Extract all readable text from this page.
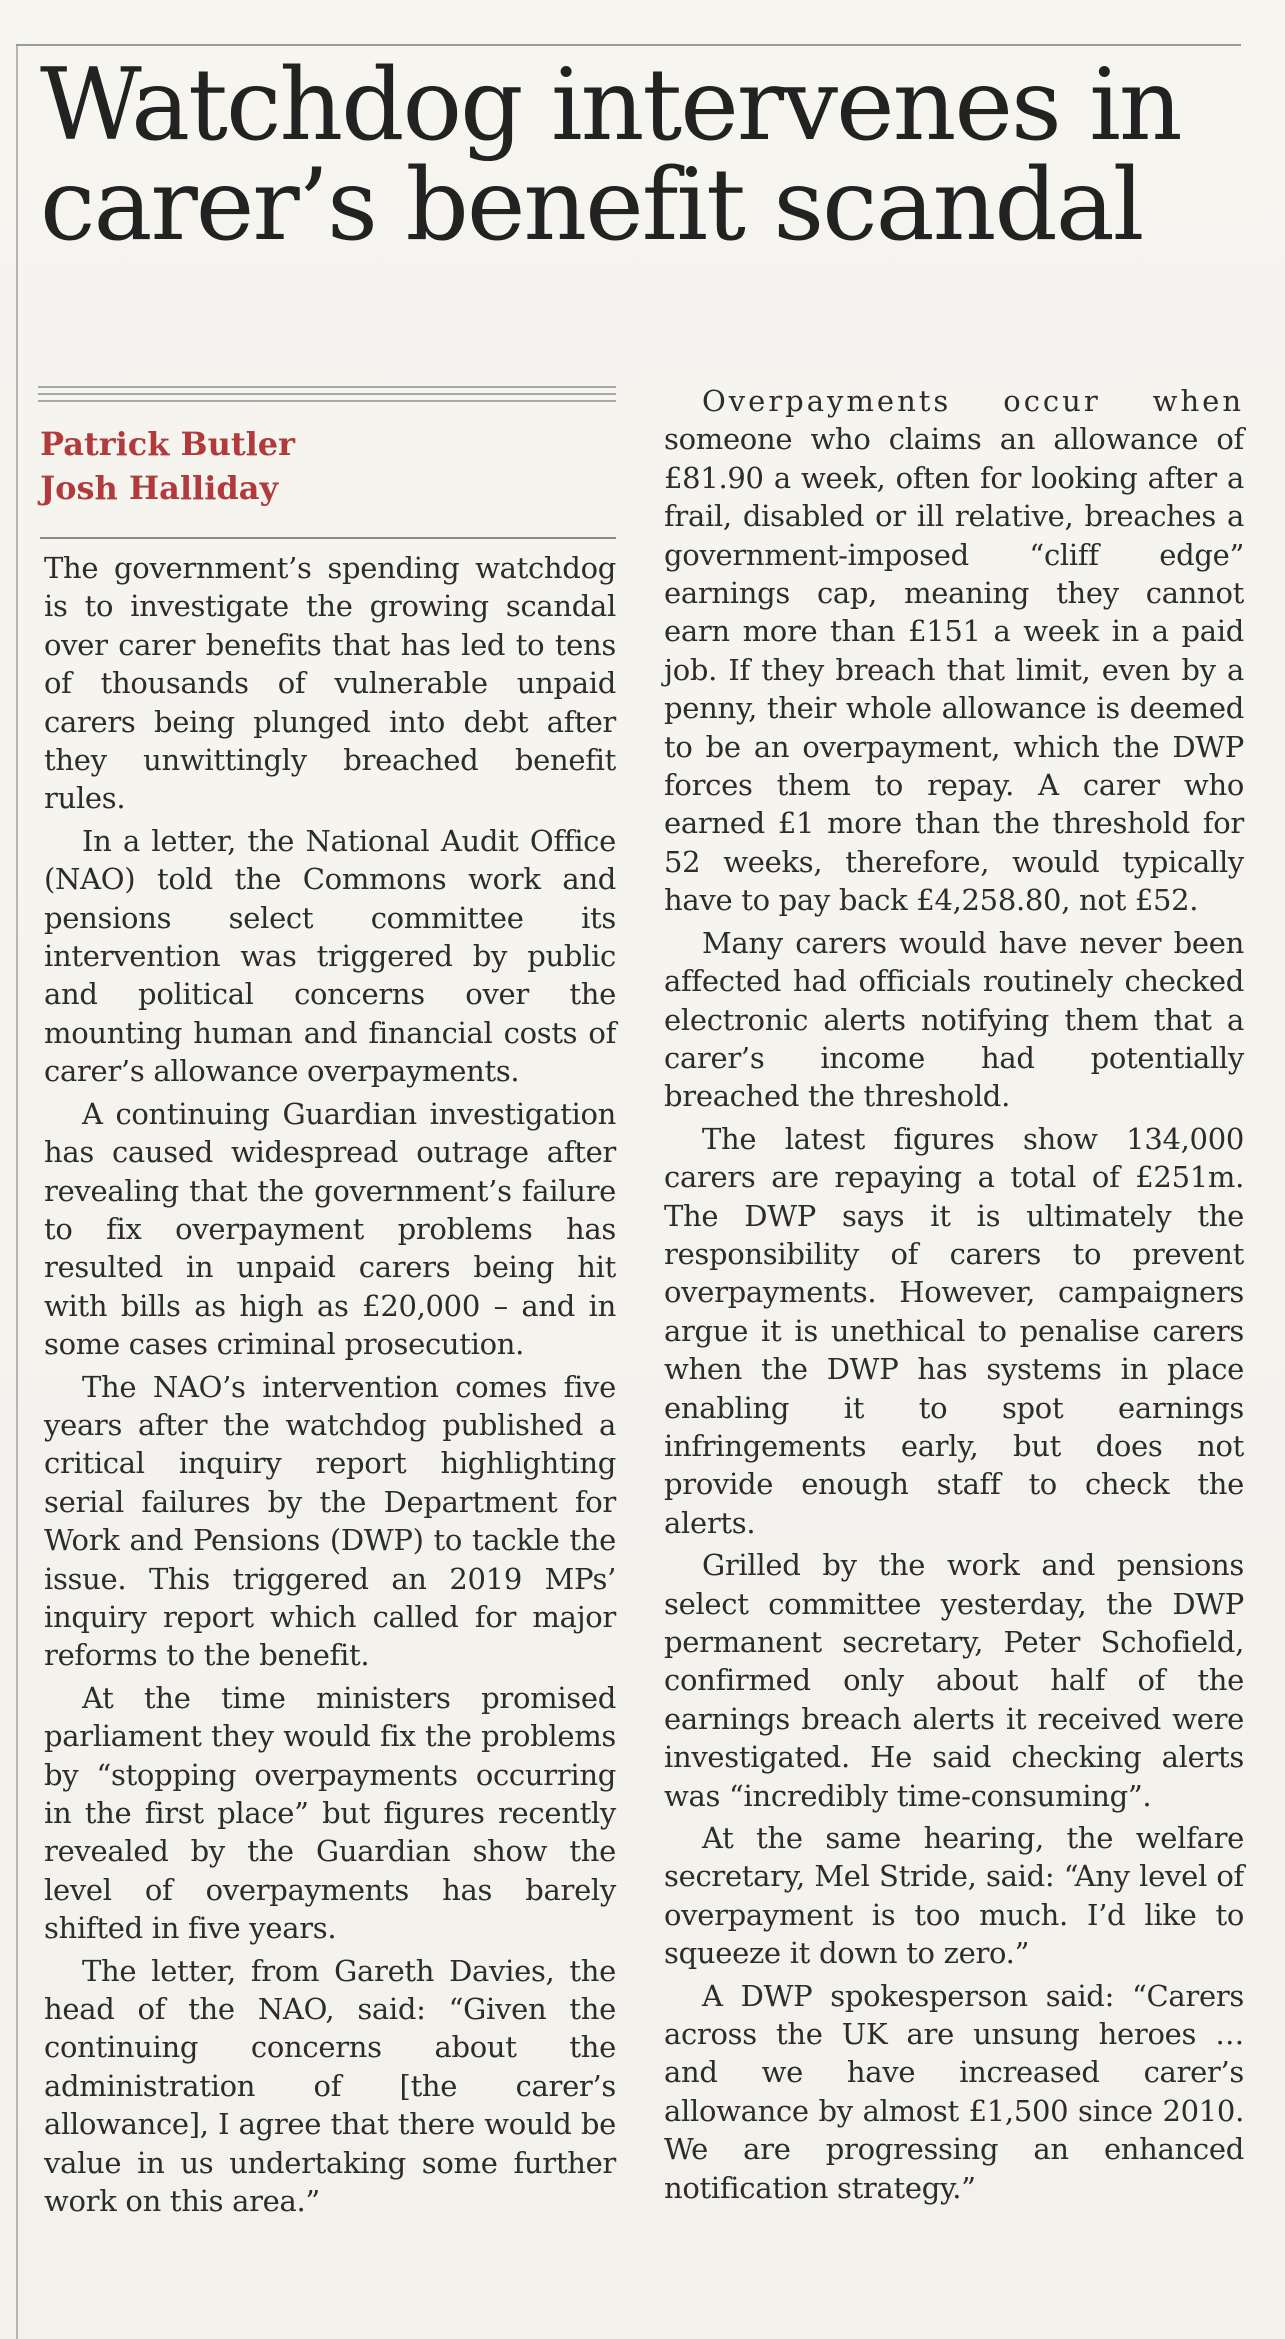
Watchdog intervenes in
carer’s benefit scandal
Patrick Butler
Josh Halliday

The government’s spending watchdog is to investigate the growing scandal over carer benefits that has led to tens of thousands of vulnerable unpaid carers being plunged into debt after they unwittingly breached benefit rules.

In a letter, the National Audit Office (NAO) told the Commons work and pensions select committee its intervention was triggered by public and political concerns over the mounting human and financial costs of carer’s allowance overpayments.

A continuing Guardian investigation has caused widespread outrage after revealing that the government’s failure to fix overpayment problems has resulted in unpaid carers being hit with bills as high as £20,000 – and in some cases criminal prosecution.

The NAO’s intervention comes five years after the watchdog published a critical inquiry report highlighting serial failures by the Department for Work and Pensions (DWP) to tackle the issue. This triggered an 2019 MPs’ inquiry report which called for major reforms to the benefit.

At the time ministers promised parliament they would fix the problems by “stopping overpayments occurring in the first place” but figures recently revealed by the Guardian show the level of overpayments has barely shifted in five years.

The letter, from Gareth Davies, the head of the NAO, said: “Given the continuing concerns about the administration of [the carer’s allowance], I agree that there would be value in us undertaking some further work on this area.”

Overpayments occur when someone who claims an allowance of £81.90 a week, often for looking after a frail, disabled or ill relative, breaches a government-imposed “cliff edge” earnings cap, meaning they cannot earn more than £151 a week in a paid job. If they breach that limit, even by a penny, their whole allowance is deemed to be an overpayment, which the DWP forces them to repay. A carer who earned £1 more than the threshold for 52 weeks, therefore, would typically have to pay back £4,258.80, not £52.

Many carers would have never been affected had officials routinely checked electronic alerts notifying them that a carer’s income had potentially breached the threshold.

The latest figures show 134,000 carers are repaying a total of £251m. The DWP says it is ultimately the responsibility of carers to prevent overpayments. However, campaigners argue it is unethical to penalise carers when the DWP has systems in place enabling it to spot earnings infringements early, but does not provide enough staff to check the alerts.

Grilled by the work and pensions select committee yesterday, the DWP permanent secretary, Peter Schofield, confirmed only about half of the earnings breach alerts it received were investigated. He said checking alerts was “incredibly time-consuming”.

At the same hearing, the welfare secretary, Mel Stride, said: “Any level of overpayment is too much. I’d like to squeeze it down to zero.”

A DWP spokesperson said: “Carers across the UK are unsung heroes … and we have increased carer’s allowance by almost £1,500 since 2010. We are progressing an enhanced notification strategy.”
